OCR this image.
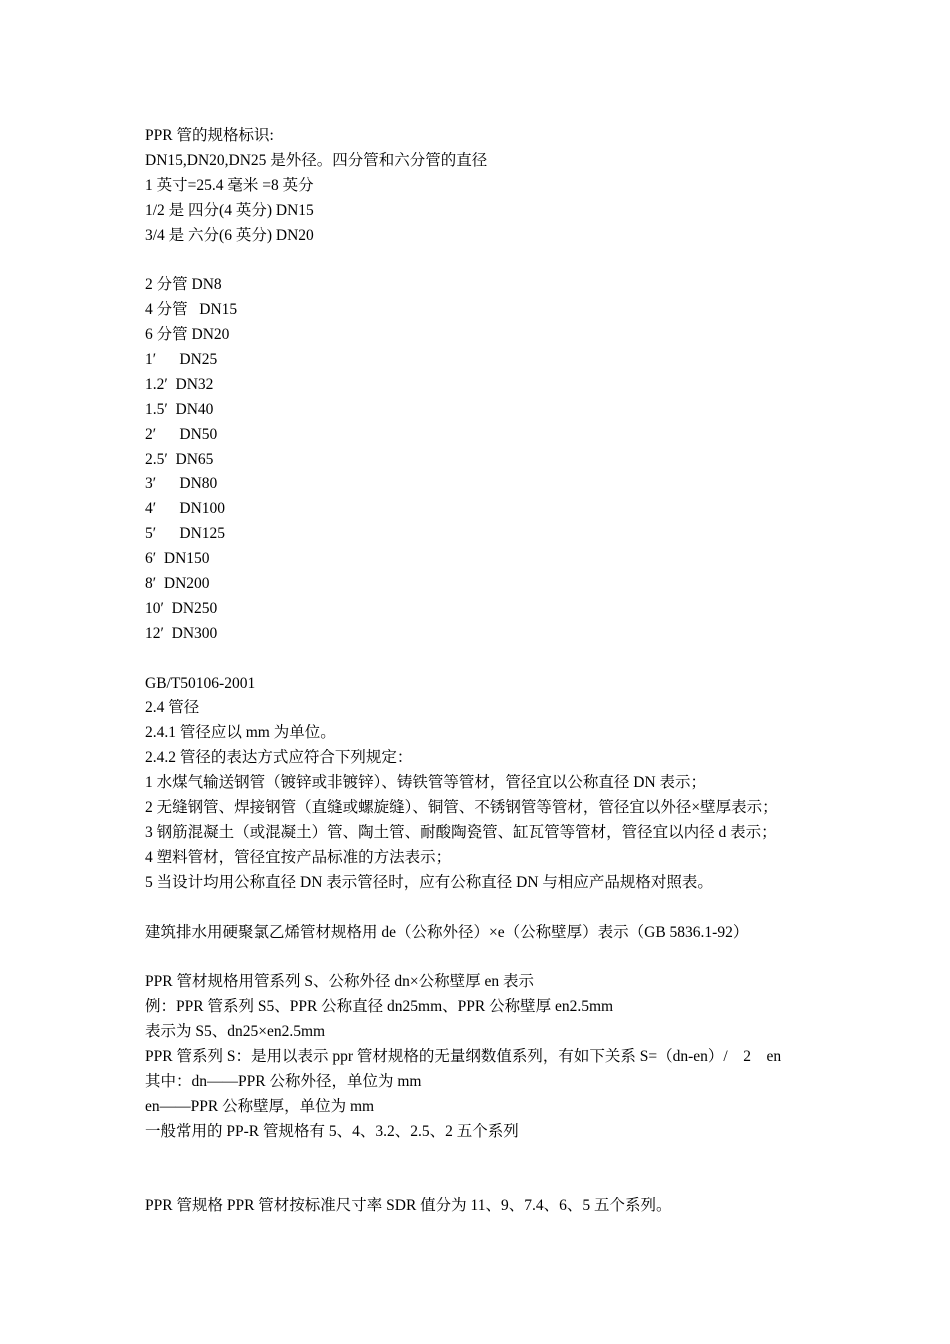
PPR 管的规格标识:
DN15,DN20,DN25 是外径。四分管和六分管的直径
1 英寸=25.4 毫米 =8 英分
1/2 是 四分(4 英分) DN15
3/4 是 六分(6 英分) DN20
2 分管 DN8
4 分管   DN15
6 分管 DN20
1′      DN25
1.2′  DN32
1.5′  DN40
2′      DN50
2.5′  DN65
3′      DN80
4′      DN100
5′      DN125
6′  DN150
8′  DN200
10′  DN250
12′  DN300
GB/T50106-2001
2.4 管径
2.4.1 管径应以 mm 为单位。
2.4.2 管径的表达方式应符合下列规定：
1 水煤气输送钢管（镀锌或非镀锌）、铸铁管等管材，管径宜以公称直径 DN 表示；
2 无缝钢管、焊接钢管（直缝或螺旋缝）、铜管、不锈钢管等管材，管径宜以外径×壁厚表示；
3 钢筋混凝土（或混凝土）管、陶土管、耐酸陶瓷管、缸瓦管等管材，管径宜以内径 d 表示；
4 塑料管材，管径宜按产品标准的方法表示；
5 当设计均用公称直径 DN 表示管径时，应有公称直径 DN 与相应产品规格对照表。
建筑排水用硬聚氯乙烯管材规格用 de（公称外径）×e（公称壁厚）表示（GB 5836.1-92）
PPR 管材规格用管系列 S、公称外径 dn×公称壁厚 en 表示
例：PPR 管系列 S5、PPR 公称直径 dn25mm、PPR 公称壁厚 en2.5mm
表示为 S5、dn25×en2.5mm
PPR 管系列 S：是用以表示 ppr 管材规格的无量纲数值系列，有如下关系 S=（dn-en）/    2    en
其中：dn——PPR 公称外径，单位为 mm
en——PPR 公称壁厚，单位为 mm
一般常用的 PP-R 管规格有 5、4、3.2、2.5、2 五个系列
PPR 管规格 PPR 管材按标准尺寸率 SDR 值分为 11、9、7.4、6、5 五个系列。
